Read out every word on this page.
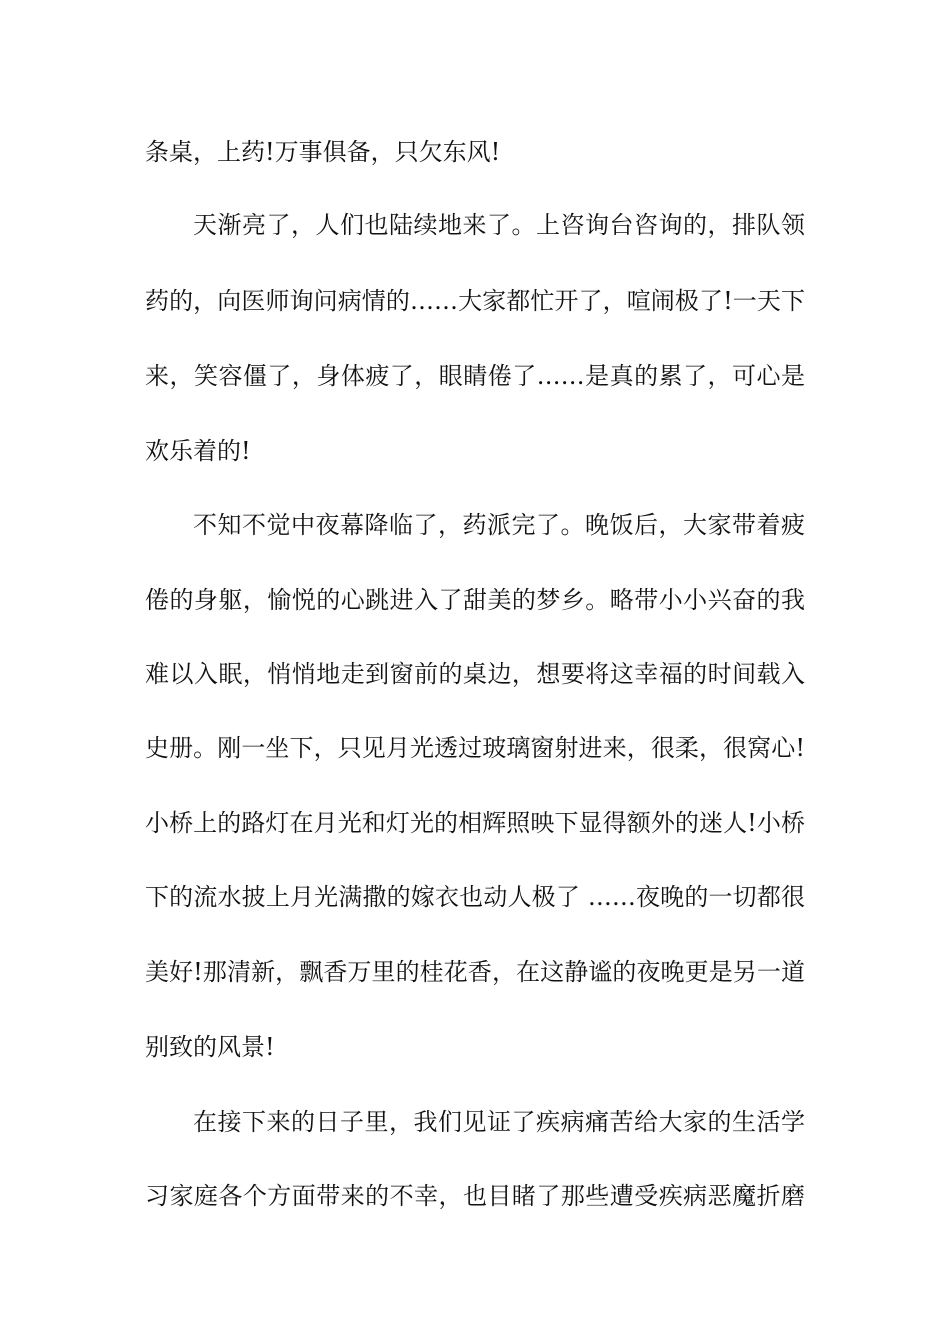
条桌，上药!万事俱备，只欠东风!
天渐亮了，人们也陆续地来了。上咨询台咨询的，排队领
药的，向医师询问病情的……大家都忙开了，喧闹极了!一天下
来，笑容僵了，身体疲了，眼睛倦了……是真的累了，可心是
欢乐着的!
不知不觉中夜幕降临了，药派完了。晚饭后，大家带着疲
倦的身躯，愉悦的心跳进入了甜美的梦乡。略带小小兴奋的我
难以入眠，悄悄地走到窗前的桌边，想要将这幸福的时间载入
史册。刚一坐下，只见月光透过玻璃窗射进来，很柔，很窝心!
小桥上的路灯在月光和灯光的相辉照映下显得额外的迷人!小桥
下的流水披上月光满撒的嫁衣也动人极了 ……夜晚的一切都很
美好!那清新，飘香万里的桂花香，在这静谧的夜晚更是另一道
别致的风景!
在接下来的日子里，我们见证了疾病痛苦给大家的生活学
习家庭各个方面带来的不幸，也目睹了那些遭受疾病恶魔折磨
